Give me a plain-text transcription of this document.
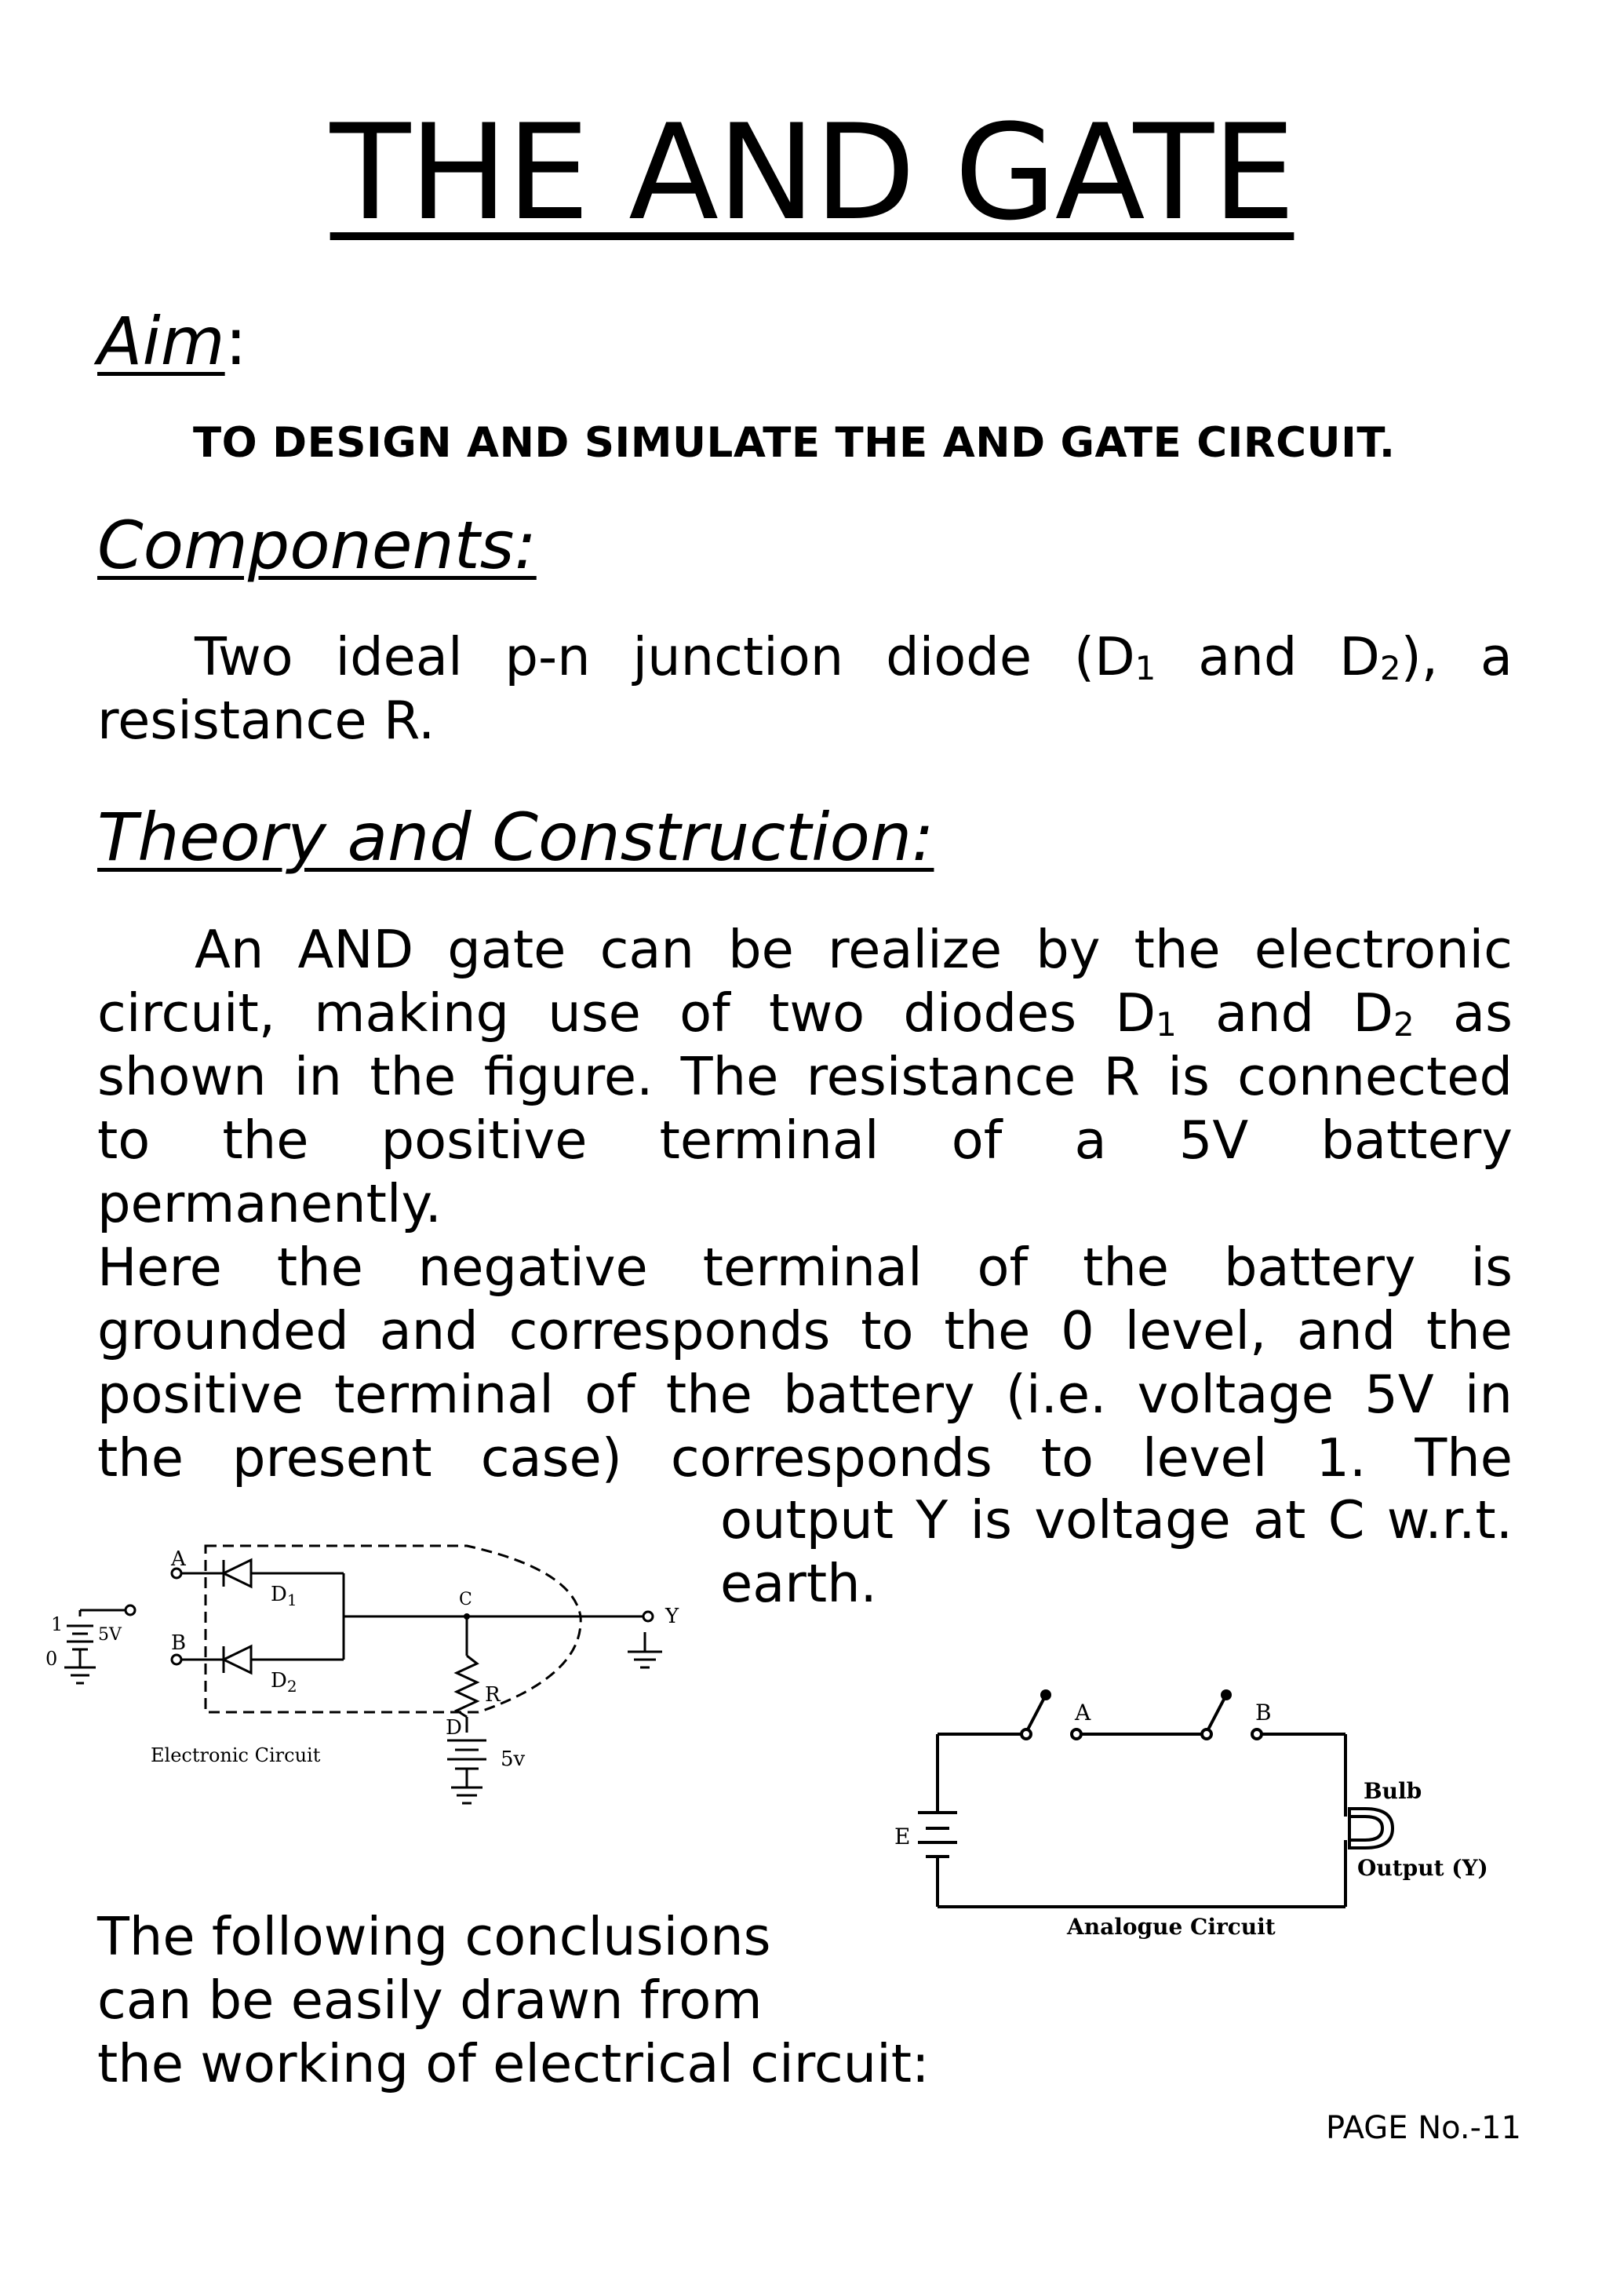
THE AND GATE
Aim:
TO DESIGN AND SIMULATE THE AND GATE CIRCUIT.
Components:
Two ideal p-n junction diode ($D_1$ and $D_2$), a
resistance R.
Theory and Construction:
An AND gate can be realize by the electronic
circuit, making use of two diodes $D_1$ and $D_2$ as
shown in the figure. The resistance R is connected
to the positive terminal of a 5V battery
permanently.
Here the negative terminal of the battery is
grounded and corresponds to the 0 level, and the
positive terminal of the battery (i.e. voltage 5V in
the present case) corresponds to level 1. The
output Y is voltage at C w.r.t.
earth.
A
B
$D_1$
$D_2$
C
Y
R
D
5v
5V
1
0
Electronic Circuit
A	B
E
Bulb
Output (Y)
Analogue Circuit
The following conclusions
can be easily drawn from
the working of electrical circuit:
PAGE No.-11
